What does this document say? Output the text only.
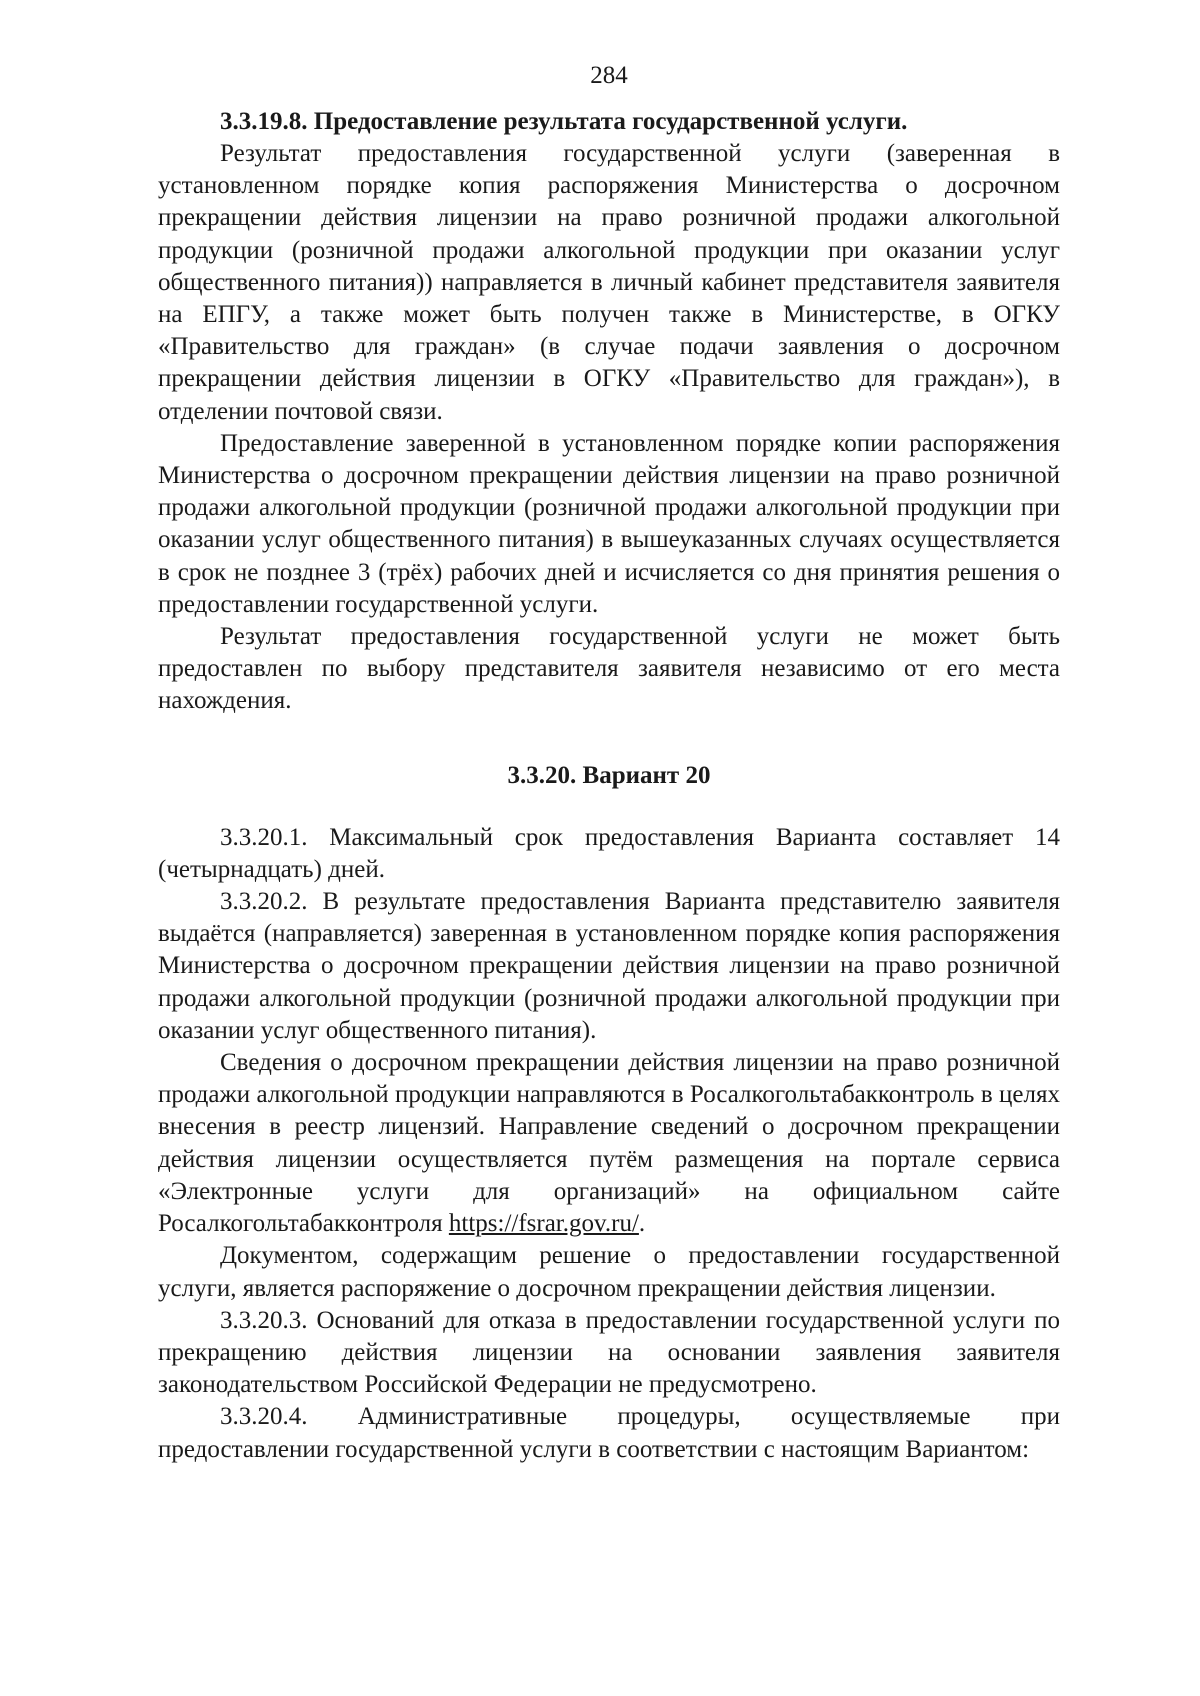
284

3.3.19.8. Предоставление результата государственной услуги.

Результат предоставления государственной услуги (заверенная в установленном порядке копия распоряжения Министерства о досрочном прекращении действия лицензии на право розничной продажи алкогольной продукции (розничной продажи алкогольной продукции при оказании услуг общественного питания)) направляется в личный кабинет представителя заявителя на ЕПГУ, а также может быть получен также в Министерстве, в ОГКУ «Правительство для граждан» (в случае подачи заявления о досрочном прекращении действия лицензии в ОГКУ «Правительство для граждан»), в отделении почтовой связи.

Предоставление заверенной в установленном порядке копии распоряжения Министерства о досрочном прекращении действия лицензии на право розничной продажи алкогольной продукции (розничной продажи алкогольной продукции при оказании услуг общественного питания) в вышеуказанных случаях осуществляется в срок не позднее 3 (трёх) рабочих дней и исчисляется со дня принятия решения о предоставлении государственной услуги.

Результат предоставления государственной услуги не может быть предоставлен по выбору представителя заявителя независимо от его места нахождения.

3.3.20. Вариант 20

3.3.20.1. Максимальный срок предоставления Варианта составляет 14 (четырнадцать) дней.

3.3.20.2. В результате предоставления Варианта представителю заявителя выдаётся (направляется) заверенная в установленном порядке копия распоряжения Министерства о досрочном прекращении действия лицензии на право розничной продажи алкогольной продукции (розничной продажи алкогольной продукции при оказании услуг общественного питания).

Сведения о досрочном прекращении действия лицензии на право розничной продажи алкогольной продукции направляются в Росалкогольтабакконтроль в целях внесения в реестр лицензий. Направление сведений о досрочном прекращении действия лицензии осуществляется путём размещения на портале сервиса «Электронные услуги для организаций» на официальном сайте Росалкогольтабакконтроля https://fsrar.gov.ru/.

Документом, содержащим решение о предоставлении государственной услуги, является распоряжение о досрочном прекращении действия лицензии.

3.3.20.3. Оснований для отказа в предоставлении государственной услуги по прекращению действия лицензии на основании заявления заявителя законодательством Российской Федерации не предусмотрено.

3.3.20.4. Административные процедуры, осуществляемые при предоставлении государственной услуги в соответствии с настоящим Вариантом:
